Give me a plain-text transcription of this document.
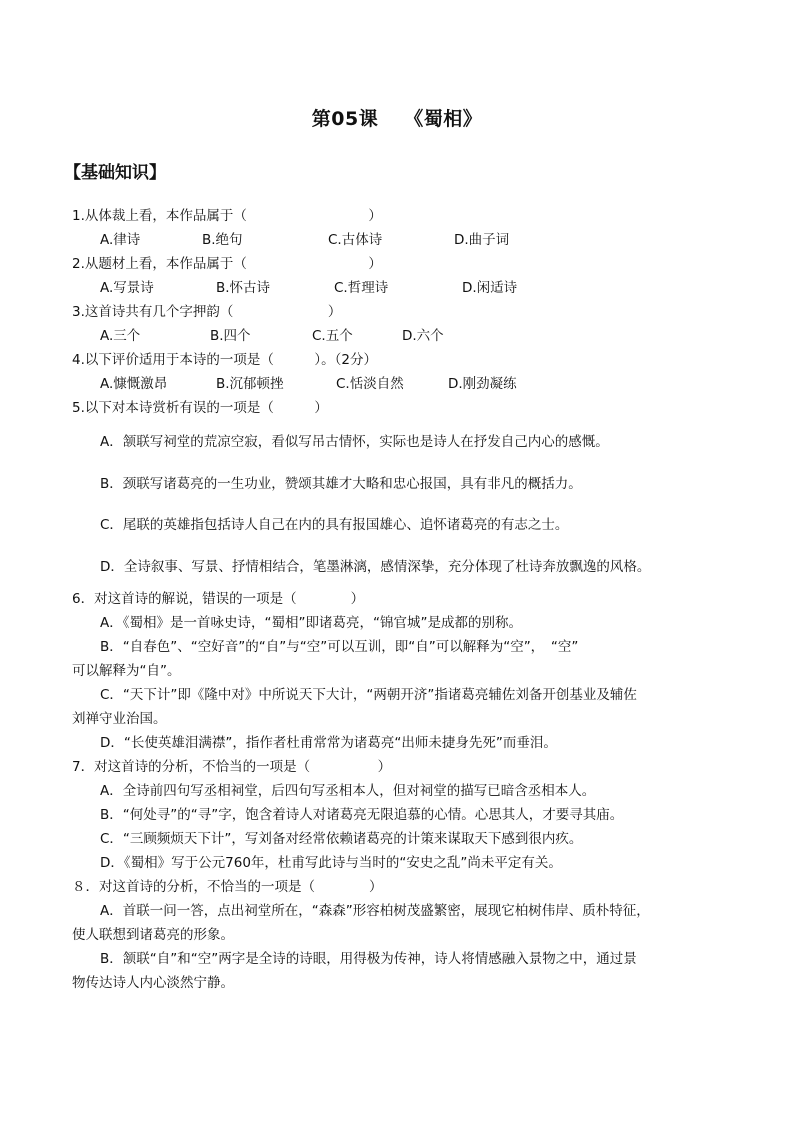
第05课 《蜀相》
【基础知识】
1.从体裁上看，本作品属于（　　　　　　　　　）
A.律诗	B.绝句	C.古体诗	D.曲子词
2.从题材上看，本作品属于（　　　　　　　　　）
A.写景诗	B.怀古诗	C.哲理诗	D.闲适诗
3.这首诗共有几个字押韵（　　　　　　　）
A.三个	B.四个	C.五个	D.六个
4.以下评价适用于本诗的一项是（　　　）。（2分）
A.慷慨激昂	B.沉郁顿挫	C.恬淡自然	D.刚劲凝练
5.以下对本诗赏析有误的一项是（　　　）
A．颔联写祠堂的荒凉空寂，看似写吊古情怀，实际也是诗人在抒发自己内心的感慨。
B．颈联写诸葛亮的一生功业，赞颂其雄才大略和忠心报国，具有非凡的概括力。
C．尾联的英雄指包括诗人自己在内的具有报国雄心、追怀诸葛亮的有志之士。
D．全诗叙事、写景、抒情相结合，笔墨淋漓，感情深挚，充分体现了杜诗奔放飘逸的风格。
6．对这首诗的解说，错误的一项是（　　　　）
A．《蜀相》是一首咏史诗，“蜀相”即诸葛亮，“锦官城”是成都的别称。
B．“自春色”、“空好音”的“自”与“空”可以互训，即“自”可以解释为“空”，　“空”
可以解释为“自”。
C．“天下计”即《隆中对》中所说天下大计，“两朝开济”指诸葛亮辅佐刘备开创基业及辅佐
刘禅守业治国。
D．“长使英雄泪满襟”，指作者杜甫常常为诸葛亮“出师未捷身先死”而垂泪。
7．对这首诗的分析，不恰当的一项是（　　　　　）
A．全诗前四句写丞相祠堂，后四句写丞相本人，但对祠堂的描写已暗含丞相本人。
B．“何处寻”的“寻”字，饱含着诗人对诸葛亮无限追慕的心情。心思其人，才要寻其庙。
C．“三顾频烦天下计”，写刘备对经常依赖诸葛亮的计策来谋取天下感到很内疚。
D．《蜀相》写于公元760年，杜甫写此诗与当时的“安史之乱”尚未平定有关。
８．对这首诗的分析，不恰当的一项是（　　　　）
A．首联一问一答，点出祠堂所在，“森森”形容柏树茂盛繁密，展现它柏树伟岸、质朴特征，
使人联想到诸葛亮的形象。
B．颔联“自”和“空”两字是全诗的诗眼，用得极为传神，诗人将情感融入景物之中，通过景
物传达诗人内心淡然宁静。
